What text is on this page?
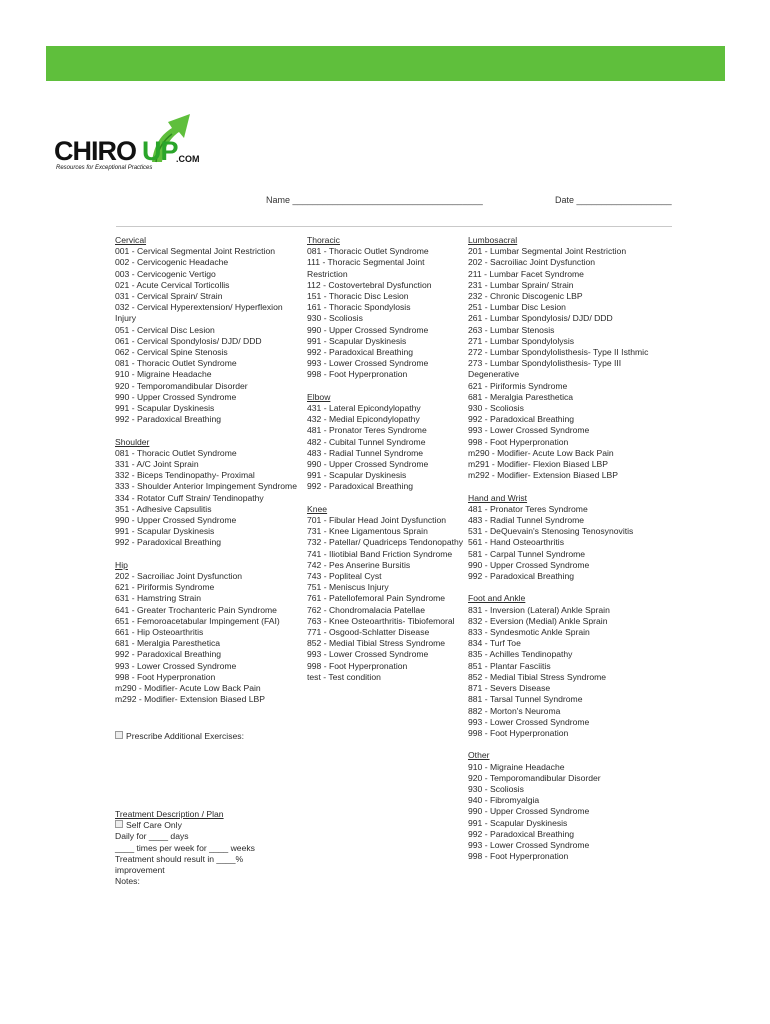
CHIRO UP
.COM
Resources for Exceptional Practices
Name ______________________________________	Date ___________________
Cervical
001 - Cervical Segmental Joint Restriction
002 - Cervicogenic Headache
003 - Cervicogenic Vertigo
021 - Acute Cervical Torticollis
031 - Cervical Sprain/ Strain
032 - Cervical Hyperextension/ Hyperflexion Injury
051 - Cervical Disc Lesion
061 - Cervical Spondylosis/ DJD/ DDD
062 - Cervical Spine Stenosis
081 - Thoracic Outlet Syndrome
910 - Migraine Headache
920 - Temporomandibular Disorder
990 - Upper Crossed Syndrome
991 - Scapular Dyskinesis
992 - Paradoxical Breathing
Shoulder
081 - Thoracic Outlet Syndrome
331 - A/C Joint Sprain
332 - Biceps Tendinopathy- Proximal
333 - Shoulder Anterior Impingement Syndrome
334 - Rotator Cuff Strain/ Tendinopathy
351 - Adhesive Capsulitis
990 - Upper Crossed Syndrome
991 - Scapular Dyskinesis
992 - Paradoxical Breathing
Hip
202 - Sacroiliac Joint Dysfunction
621 - Piriformis Syndrome
631 - Hamstring Strain
641 - Greater Trochanteric Pain Syndrome
651 - Femoroacetabular Impingement (FAI)
661 - Hip Osteoarthritis
681 - Meralgia Paresthetica
992 - Paradoxical Breathing
993 - Lower Crossed Syndrome
998 - Foot Hyperpronation
m290 - Modifier- Acute Low Back Pain
m292 - Modifier- Extension Biased LBP
Thoracic
081 - Thoracic Outlet Syndrome
111 - Thoracic Segmental Joint Restriction
112 - Costovertebral Dysfunction
151 - Thoracic Disc Lesion
161 - Thoracic Spondylosis
930 - Scoliosis
990 - Upper Crossed Syndrome
991 - Scapular Dyskinesis
992 - Paradoxical Breathing
993 - Lower Crossed Syndrome
998 - Foot Hyperpronation
Elbow
431 - Lateral Epicondylopathy
432 - Medial Epicondylopathy
481 - Pronator Teres Syndrome
482 - Cubital Tunnel Syndrome
483 - Radial Tunnel Syndrome
990 - Upper Crossed Syndrome
991 - Scapular Dyskinesis
992 - Paradoxical Breathing
Knee
701 - Fibular Head Joint Dysfunction
731 - Knee Ligamentous Sprain
732 - Patellar/ Quadriceps Tendonopathy
741 - Iliotibial Band Friction Syndrome
742 - Pes Anserine Bursitis
743 - Popliteal Cyst
751 - Meniscus Injury
761 - Patellofemoral Pain Syndrome
762 - Chondromalacia Patellae
763 - Knee Osteoarthritis- Tibiofemoral
771 - Osgood-Schlatter Disease
852 - Medial Tibial Stress Syndrome
993 - Lower Crossed Syndrome
998 - Foot Hyperpronation
test - Test condition
Lumbosacral
201 - Lumbar Segmental Joint Restriction
202 - Sacroiliac Joint Dysfunction
211 - Lumbar Facet Syndrome
231 - Lumbar Sprain/ Strain
232 - Chronic Discogenic LBP
251 - Lumbar Disc Lesion
261 - Lumbar Spondylosis/ DJD/ DDD
263 - Lumbar Stenosis
271 - Lumbar Spondylolysis
272 - Lumbar Spondylolisthesis- Type II Isthmic
273 - Lumbar Spondylolisthesis- Type III Degenerative
621 - Piriformis Syndrome
681 - Meralgia Paresthetica
930 - Scoliosis
992 - Paradoxical Breathing
993 - Lower Crossed Syndrome
998 - Foot Hyperpronation
m290 - Modifier- Acute Low Back Pain
m291 - Modifier- Flexion Biased LBP
m292 - Modifier- Extension Biased LBP
Hand and Wrist
481 - Pronator Teres Syndrome
483 - Radial Tunnel Syndrome
531 - DeQuevain's Stenosing Tenosynovitis
561 - Hand Osteoarthritis
581 - Carpal Tunnel Syndrome
990 - Upper Crossed Syndrome
992 - Paradoxical Breathing
Foot and Ankle
831 - Inversion (Lateral) Ankle Sprain
832 - Eversion (Medial) Ankle Sprain
833 - Syndesmotic Ankle Sprain
834 - Turf Toe
835 - Achilles Tendinopathy
851 - Plantar Fasciitis
852 - Medial Tibial Stress Syndrome
871 - Severs Disease
881 - Tarsal Tunnel Syndrome
882 - Morton's Neuroma
993 - Lower Crossed Syndrome
998 - Foot Hyperpronation
Other
910 - Migraine Headache
920 - Temporomandibular Disorder
930 - Scoliosis
940 - Fibromyalgia
990 - Upper Crossed Syndrome
991 - Scapular Dyskinesis
992 - Paradoxical Breathing
993 - Lower Crossed Syndrome
998 - Foot Hyperpronation
Prescribe Additional Exercises:
Treatment Description / Plan
Self Care Only
Daily for ____ days
____ times per week for ____ weeks
Treatment should result in ____% improvement
Notes:
